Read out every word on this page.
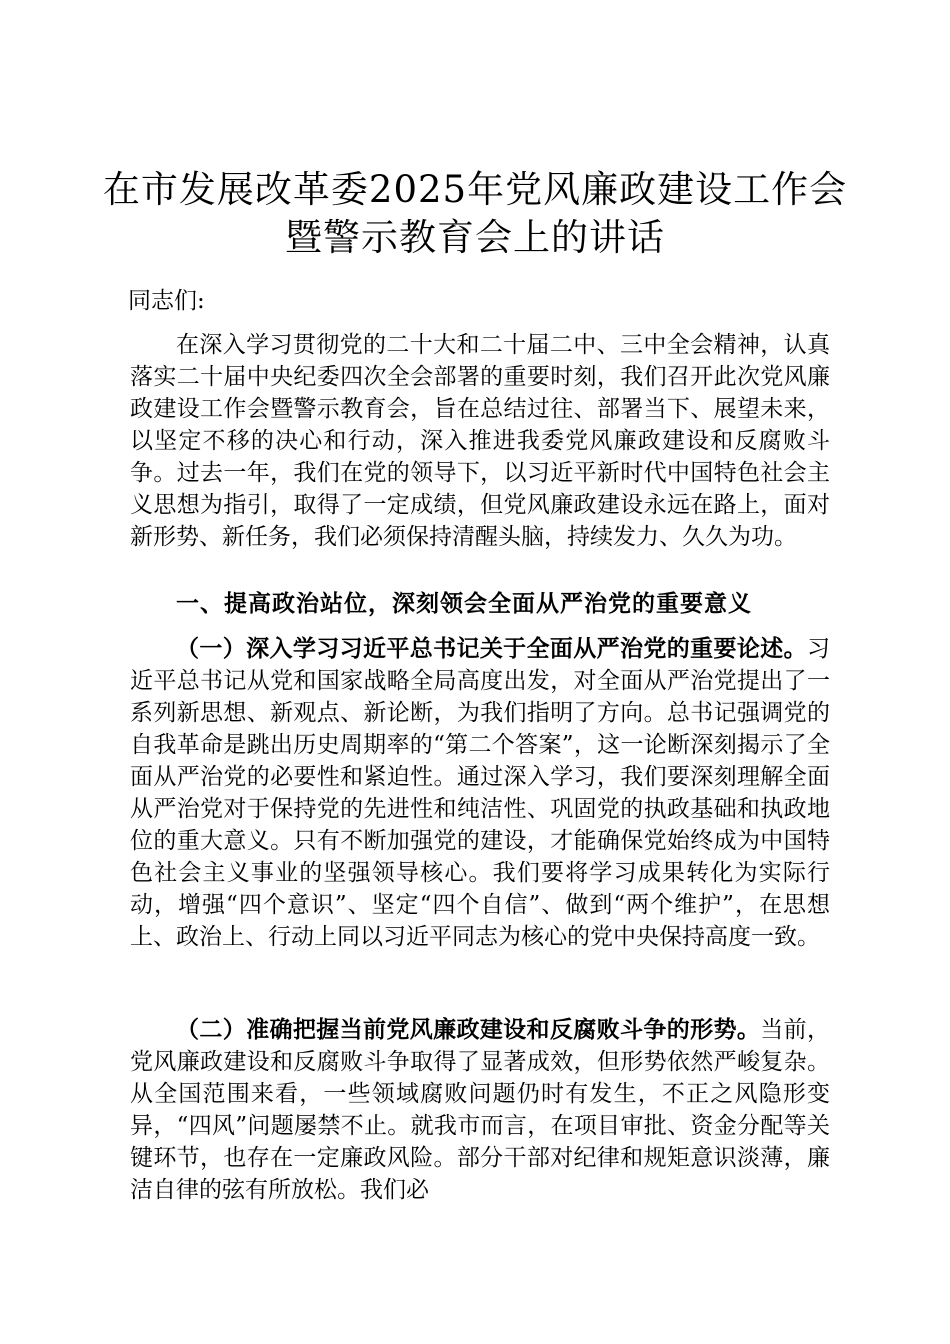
在市发展改革委2025年党风廉政建设工作会
暨警示教育会上的讲话
同志们:
在深入学习贯彻党的二十大和二十届二中、三中全会精神，认真落实二十届中央纪委四次全会部署的重要时刻，我们召开此次党风廉政建设工作会暨警示教育会，旨在总结过往、部署当下、展望未来，以坚定不移的决心和行动，深入推进我委党风廉政建设和反腐败斗争。过去一年，我们在党的领导下，以习近平新时代中国特色社会主义思想为指引，取得了一定成绩，但党风廉政建设永远在路上，面对新形势、新任务，我们必须保持清醒头脑，持续发力、久久为功。
一、提高政治站位，深刻领会全面从严治党的重要意义
（一）深入学习习近平总书记关于全面从严治党的重要论述。习近平总书记从党和国家战略全局高度出发，对全面从严治党提出了一系列新思想、新观点、新论断，为我们指明了方向。总书记强调党的自我革命是跳出历史周期率的“第二个答案”，这一论断深刻揭示了全面从严治党的必要性和紧迫性。通过深入学习，我们要深刻理解全面从严治党对于保持党的先进性和纯洁性、巩固党的执政基础和执政地位的重大意义。只有不断加强党的建设，才能确保党始终成为中国特色社会主义事业的坚强领导核心。我们要将学习成果转化为实际行动，增强“四个意识”、坚定“四个自信”、做到“两个维护”，在思想上、政治上、行动上同以习近平同志为核心的党中央保持高度一致。
（二）准确把握当前党风廉政建设和反腐败斗争的形势。当前，党风廉政建设和反腐败斗争取得了显著成效，但形势依然严峻复杂。从全国范围来看，一些领域腐败问题仍时有发生，不正之风隐形变异，“四风”问题屡禁不止。就我市而言，在项目审批、资金分配等关键环节，也存在一定廉政风险。部分干部对纪律和规矩意识淡薄，廉洁自律的弦有所放松。我们必
